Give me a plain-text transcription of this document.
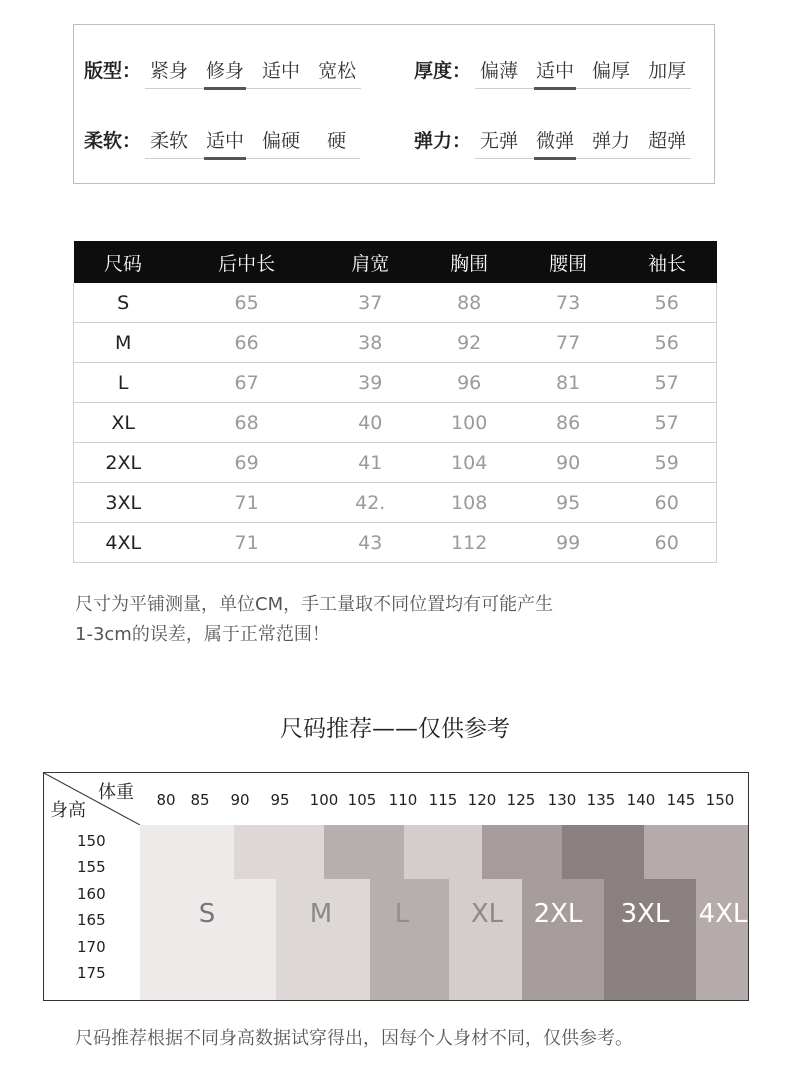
版型： 紧身 修身 适中 宽松	厚度： 偏薄 适中 偏厚 加厚
柔软： 柔软 适中 偏硬	硬	弹力： 无弹 微弹 弹力 超弹
尺码	后中长	肩宽	胸围	腰围	袖长
S	65	37	88	73	56
M	66	38	92	77	56
L	67	39	96	81	57
XL	68	40	100	86	57
2XL	69	41	104	90	59
3XL	71	42.	108	95	60
4XL	71	43	112	99	60
尺寸为平铺测量，单位CM，手工量取不同位置均有可能产生
1-3cm的误差，属于正常范围！
尺码推荐——仅供参考
体重
身高	80 85 90 95 100 105 110 115 120 125 130 135 140 145 150
150
155
160
165
170
175
S	M L XL 2XL 3XL 4XL
尺码推荐根据不同身高数据试穿得出，因每个人身材不同，仅供参考。
